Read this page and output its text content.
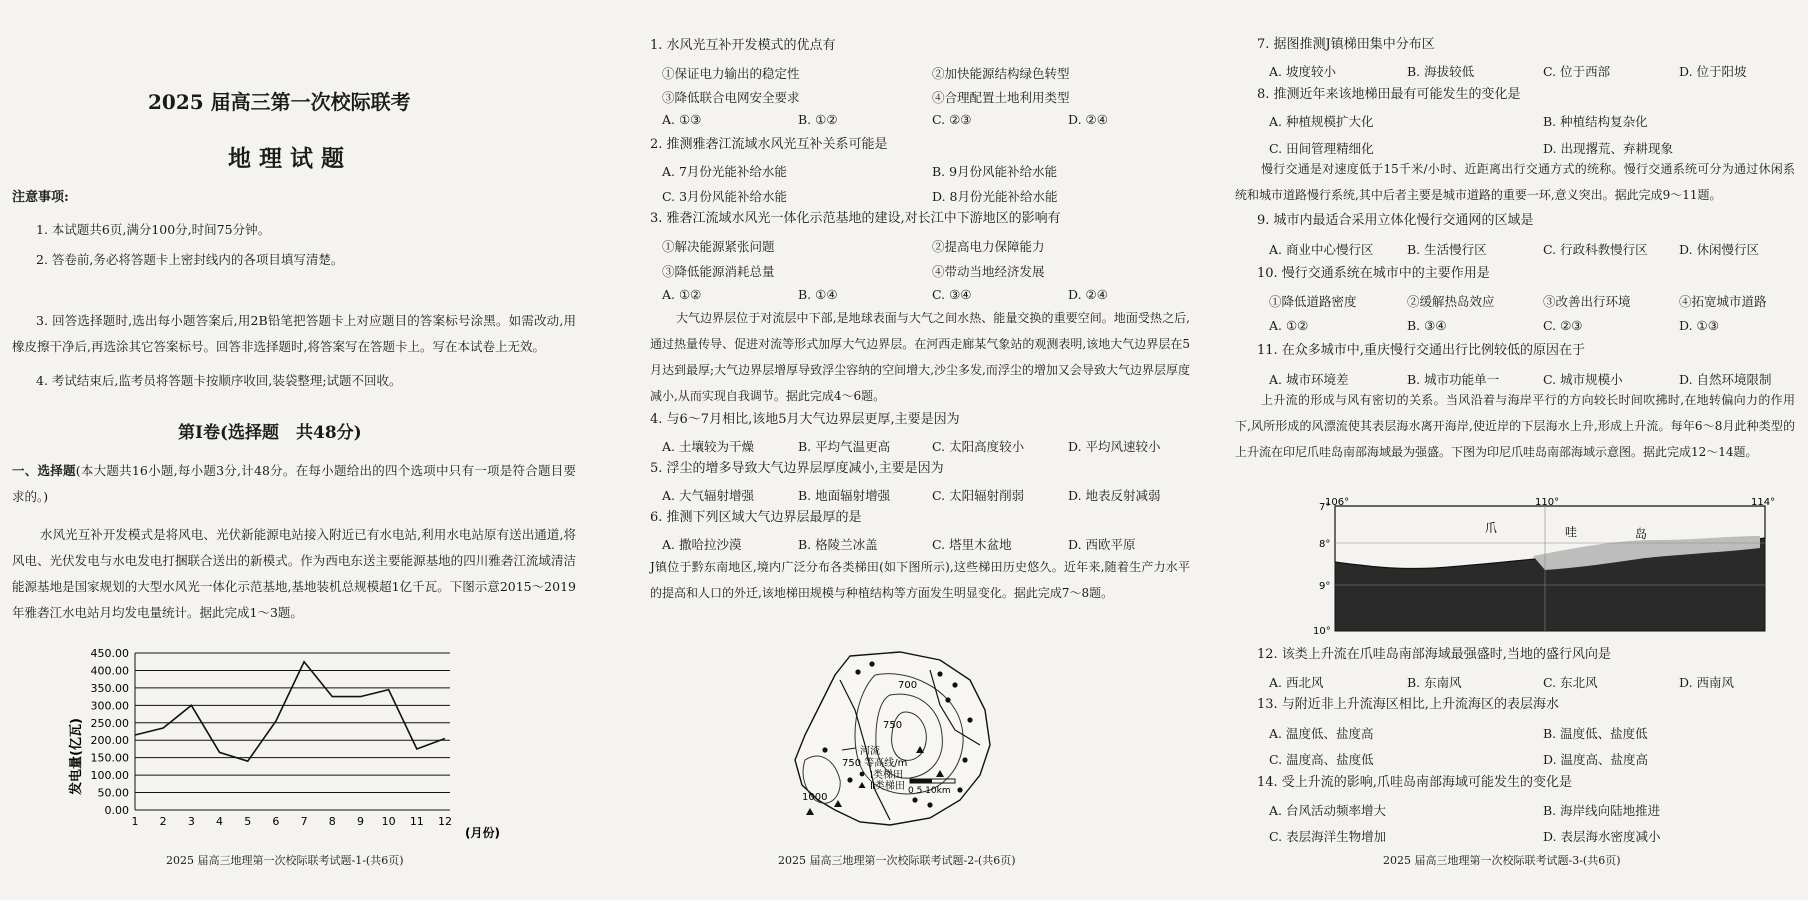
2025 届高三第一次校际联考
地 理 试 题
注意事项:
1. 本试题共6页,满分100分,时间75分钟。
2. 答卷前,务必将答题卡上密封线内的各项目填写清楚。
3. 回答选择题时,选出每小题答案后,用2B铅笔把答题卡上对应题目的答案标号涂黑。如需改动,用橡皮擦干净后,再选涂其它答案标号。回答非选择题时,将答案写在答题卡上。写在本试卷上无效。
4. 考试结束后,监考员将答题卡按顺序收回,装袋整理;试题不回收。
第Ⅰ卷(选择题　共48分)
一、选择题(本大题共16小题,每小题3分,计48分。在每小题给出的四个选项中只有一项是符合题目要求的。)
水风光互补开发模式是将风电、光伏新能源电站接入附近已有水电站,利用水电站原有送出通道,将风电、光伏发电与水电发电打捆联合送出的新模式。作为西电东送主要能源基地的四川雅砻江流域清洁能源基地是国家规划的大型水风光一体化示范基地,基地装机总规模超1亿千瓦。下图示意2015～2019年雅砻江水电站月均发电量统计。据此完成1～3题。
0.00
50.00
100.00
150.00
200.00
250.00
300.00
350.00
400.00
450.00
1 2 3 4 5 6 7 8 9 10 11 12
发电量(亿瓦)
(月份)
2025 届高三地理第一次校际联考试题-1-(共6页)
1. 水风光互补开发模式的优点有
①保证电力输出的稳定性	②加快能源结构绿色转型
③降低联合电网安全要求	④合理配置土地利用类型
A. ①③	B. ①②	C. ②③	D. ②④
2. 推测雅砻江流域水风光互补关系可能是
A. 7月份光能补给水能	B. 9月份风能补给水能
C. 3月份风能补给水能	D. 8月份光能补给水能
3. 雅砻江流域水风光一体化示范基地的建设,对长江中下游地区的影响有
①解决能源紧张问题	②提高电力保障能力
③降低能源消耗总量	④带动当地经济发展
A. ①②	B. ①④	C. ③④	D. ②④
大气边界层位于对流层中下部,是地球表面与大气之间水热、能量交换的重要空间。地面受热之后,通过热量传导、促进对流等形式加厚大气边界层。在河西走廊某气象站的观测表明,该地大气边界层在5月达到最厚;大气边界层增厚导致浮尘容纳的空间增大,沙尘多发,而浮尘的增加又会导致大气边界层厚度减小,从而实现自我调节。据此完成4～6题。
4. 与6～7月相比,该地5月大气边界层更厚,主要是因为
A. 土壤较为干燥	B. 平均气温更高	C. 太阳高度较小	D. 平均风速较小
5. 浮尘的增多导致大气边界层厚度减小,主要是因为
A. 大气辐射增强	B. 地面辐射增强	C. 太阳辐射削弱	D. 地表反射减弱
6. 推测下列区域大气边界层最厚的是
A. 撒哈拉沙漠	B. 格陵兰冰盖	C. 塔里木盆地	D. 西欧平原
J镇位于黔东南地区,境内广泛分布各类梯田(如下图所示),这些梯田历史悠久。近年来,随着生产力水平的提高和人口的外迁,该地梯田规模与种植结构等方面发生明显变化。据此完成7～8题。
700
750
1000
河流
750 等高线/m
Ⅰ类梯田
Ⅱ类梯田 0 5 10km
2025 届高三地理第一次校际联考试题-2-(共6页)
7. 据图推测J镇梯田集中分布区
A. 坡度较小	B. 海拔较低	C. 位于西部	D. 位于阳坡
8. 推测近年来该地梯田最有可能发生的变化是
A. 种植规模扩大化	B. 种植结构复杂化
C. 田间管理精细化	D. 出现撂荒、弃耕现象
慢行交通是对速度低于15千米/小时、近距离出行交通方式的统称。慢行交通系统可分为通过休闲系统和城市道路慢行系统,其中后者主要是城市道路的重要一环,意义突出。据此完成9～11题。
9. 城市内最适合采用立体化慢行交通网的区域是
A. 商业中心慢行区	B. 生活慢行区	C. 行政科教慢行区	D. 休闲慢行区
10. 慢行交通系统在城市中的主要作用是
①降低道路密度	②缓解热岛效应	③改善出行环境	④拓宽城市道路
A. ①②	B. ③④	C. ②③	D. ①③
11. 在众多城市中,重庆慢行交通出行比例较低的原因在于
A. 城市环境差	B. 城市功能单一	C. 城市规模小	D. 自然环境限制
上升流的形成与风有密切的关系。当风沿着与海岸平行的方向较长时间吹拂时,在地转偏向力的作用下,风所形成的风漂流使其表层海水离开海岸,使近岸的下层海水上升,形成上升流。每年6～8月此种类型的上升流在印尼爪哇岛南部海域最为强盛。下图为印尼爪哇岛南部海域示意图。据此完成12～14题。
106°	110°	114°
7°
8°
9°
10°
爪	哇	岛
12. 该类上升流在爪哇岛南部海域最强盛时,当地的盛行风向是
A. 西北风	B. 东南风	C. 东北风	D. 西南风
13. 与附近非上升流海区相比,上升流海区的表层海水
A. 温度低、盐度高	B. 温度低、盐度低
C. 温度高、盐度低	D. 温度高、盐度高
14. 受上升流的影响,爪哇岛南部海域可能发生的变化是
A. 台风活动频率增大	B. 海岸线向陆地推进
C. 表层海洋生物增加	D. 表层海水密度减小
2025 届高三地理第一次校际联考试题-3-(共6页)
